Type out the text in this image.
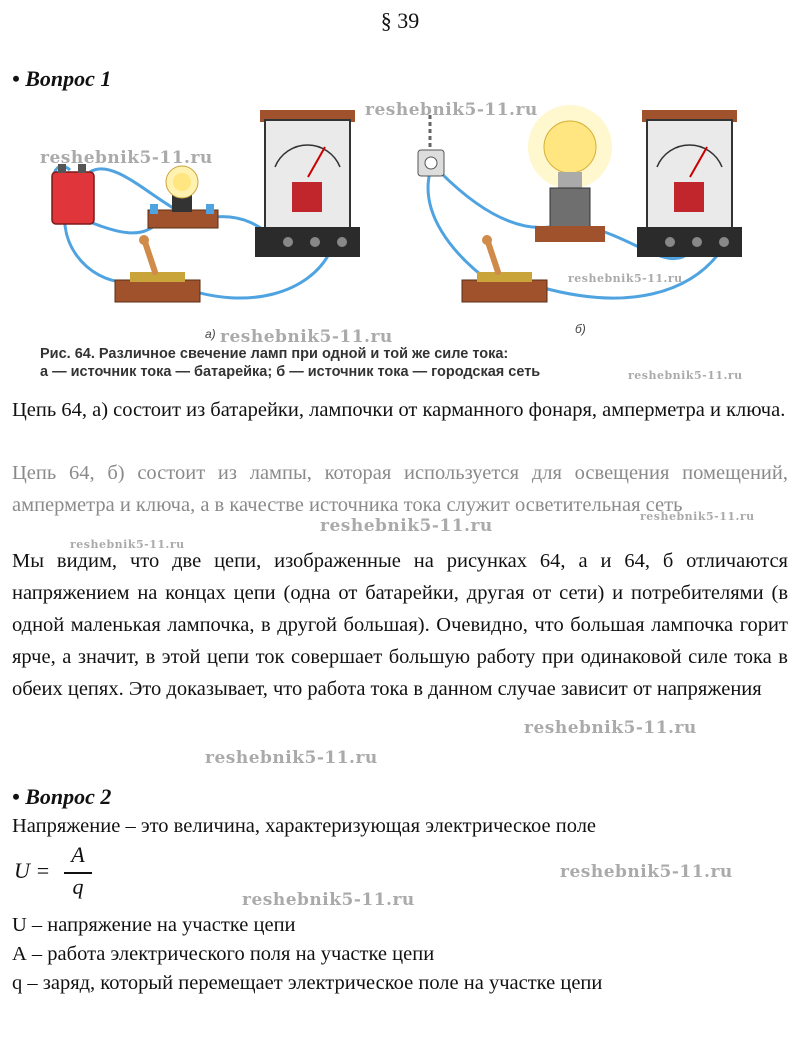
§ 39
• Вопрос 1
а)	б)
Рис. 64. Различное свечение ламп при одной и той же силе тока:
а — источник тока — батарейка; б — источник тока — городская сеть
Цепь 64, а) состоит из батарейки, лампочки от карманного фонаря, амперметра и ключа.
Цепь 64, б) состоит из лампы, которая используется для освещения помещений, амперметра и ключа, а в качестве источника тока служит осветительная сеть
Мы видим, что две цепи, изображенные на рисунках 64, а и 64, б отличаются напряжением на концах цепи (одна от батарейки, другая от сети) и потребителями (в одной маленькая лампочка, в другой большая). Очевидно, что большая лампочка горит ярче, а значит, в этой цепи ток совершает большую работу при одинаковой силе тока в обеих цепях. Это доказывает, что работа тока в данном случае зависит от напряжения
• Вопрос 2
Напряжение – это величина, характеризующая электрическое поле
U =
A
q
U – напряжение на участке цепи
А – работа электрического поля на участке цепи
q – заряд, который перемещает электрическое поле на участке цепи
reshebnik5-11.ru
reshebnik5-11.ru
reshebnik5-11.ru
reshebnik5-11.ru
reshebnik5-11.ru
reshebnik5-11.ru	reshebnik5-11.ru
reshebnik5-11.ru
reshebnik5-11.ru
reshebnik5-11.ru
reshebnik5-11.ru
reshebnik5-11.ru
